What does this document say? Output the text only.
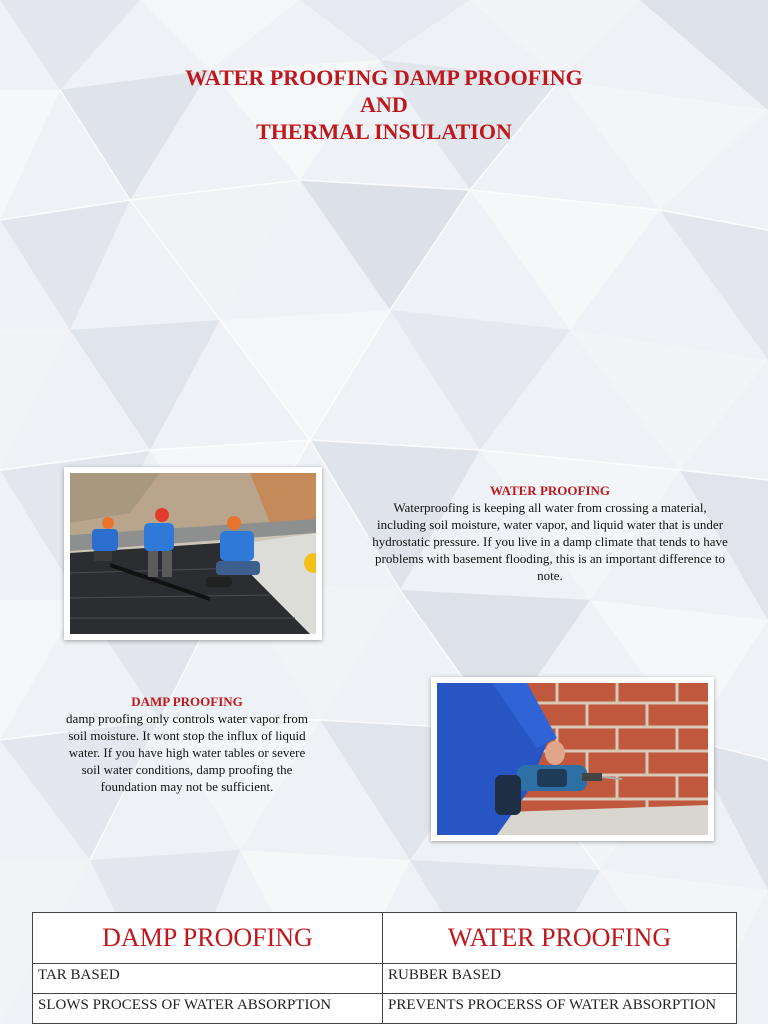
WATER PROOFING DAMP PROOFING
AND
THERMAL INSULATION
WATER PROOFING
Waterproofing is keeping all water from crossing a material, including soil moisture, water vapor, and liquid water that is under hydrostatic pressure. If you live in a damp climate that tends to have problems with basement flooding, this is an important difference to note.
DAMP PROOFING
damp proofing only controls water vapor from soil moisture. It wont stop the influx of liquid water. If you have high water tables or severe soil water conditions, damp proofing the foundation may not be sufficient.
DAMP PROOFING	WATER PROOFING
TAR BASED	RUBBER BASED
SLOWS PROCESS OF WATER ABSORPTION	PREVENTS PROCERSS OF WATER ABSORPTION
